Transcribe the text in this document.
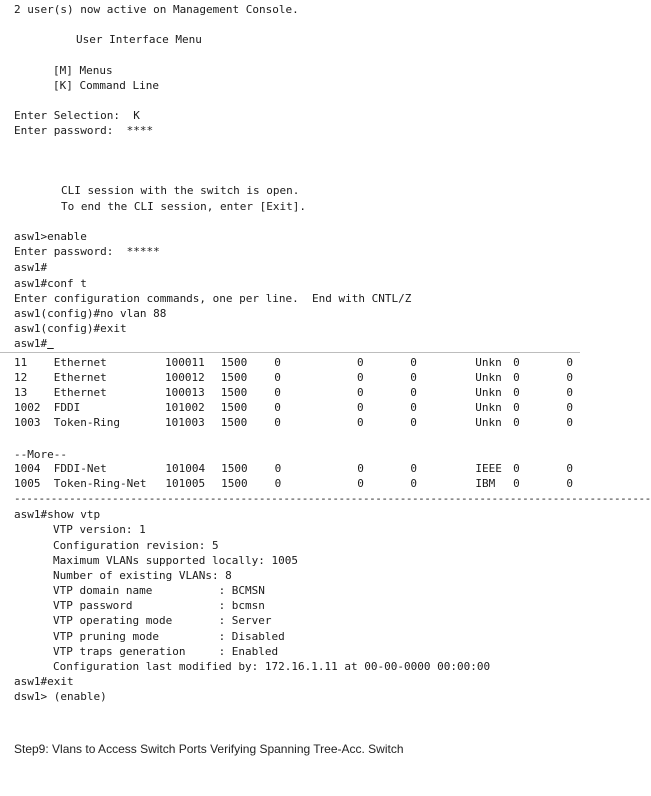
2 user(s) now active on Management Console.
User Interface Menu
[M] Menus
[K] Command Line
Enter Selection:  K
Enter password:  ****
CLI session with the switch is open.
To end the CLI session, enter [Exit].
asw1>enable
Enter password:  *****
asw1#
asw1#conf t
Enter configuration commands, one per line.  End with CNTL/Z
asw1(config)#no vlan 88
asw1(config)#exit
asw1#
11	Ethernet	100011	1500	0	0	0	Unkn	0	0
12	Ethernet	100012	1500	0	0	0	Unkn	0	0
13	Ethernet	100013	1500	0	0	0	Unkn	0	0
1002	FDDI	101002	1500	0	0	0	Unkn	0	0
1003	Token-Ring	101003	1500	0	0	0	Unkn	0	0
--More--
1004	FDDI-Net	101004	1500	0	0	0	IEEE	0	0
1005	Token-Ring-Net	101005	1500	0	0	0	IBM	0	0
--------------------------------------------------------------------------------------------------------
asw1#show vtp
VTP version: 1
Configuration revision: 5
Maximum VLANs supported locally: 1005
Number of existing VLANs: 8
VTP domain name          : BCMSN
VTP password             : bcmsn
VTP operating mode       : Server
VTP pruning mode         : Disabled
VTP traps generation     : Enabled
Configuration last modified by: 172.16.1.11 at 00-00-0000 00:00:00
asw1#exit
dsw1> (enable)
Step9: Vlans to Access Switch Ports Verifying Spanning Tree-Acc. Switch
